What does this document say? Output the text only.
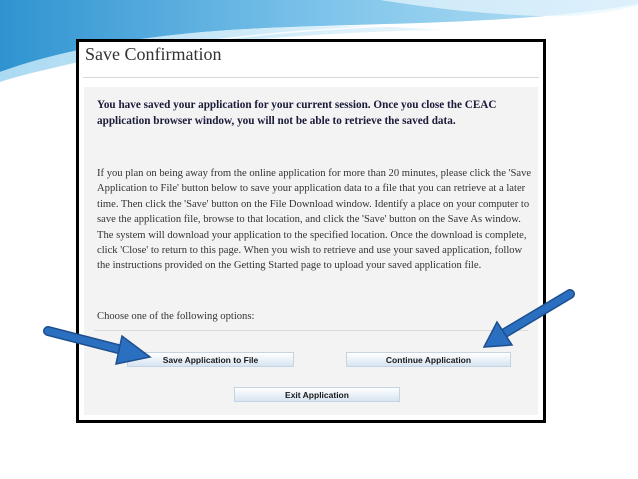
Save Confirmation
You have saved your application for your current session. Once you close the CEAC application browser window, you will not be able to retrieve the saved data.
If you plan on being away from the online application for more than 20 minutes, please click the 'Save Application to File' button below to save your application data to a file that you can retrieve at a later time. Then click the 'Save' button on the File Download window. Identify a place on your computer to save the application file, browse to that location, and click the 'Save' button on the Save As window. The system will download your application to the specified location. Once the download is complete, click 'Close' to return to this page. When you wish to retrieve and use your saved application, follow the instructions provided on the Getting Started page to upload your saved application file.
Choose one of the following options:
Save Application to File	Continue Application
Exit Application
